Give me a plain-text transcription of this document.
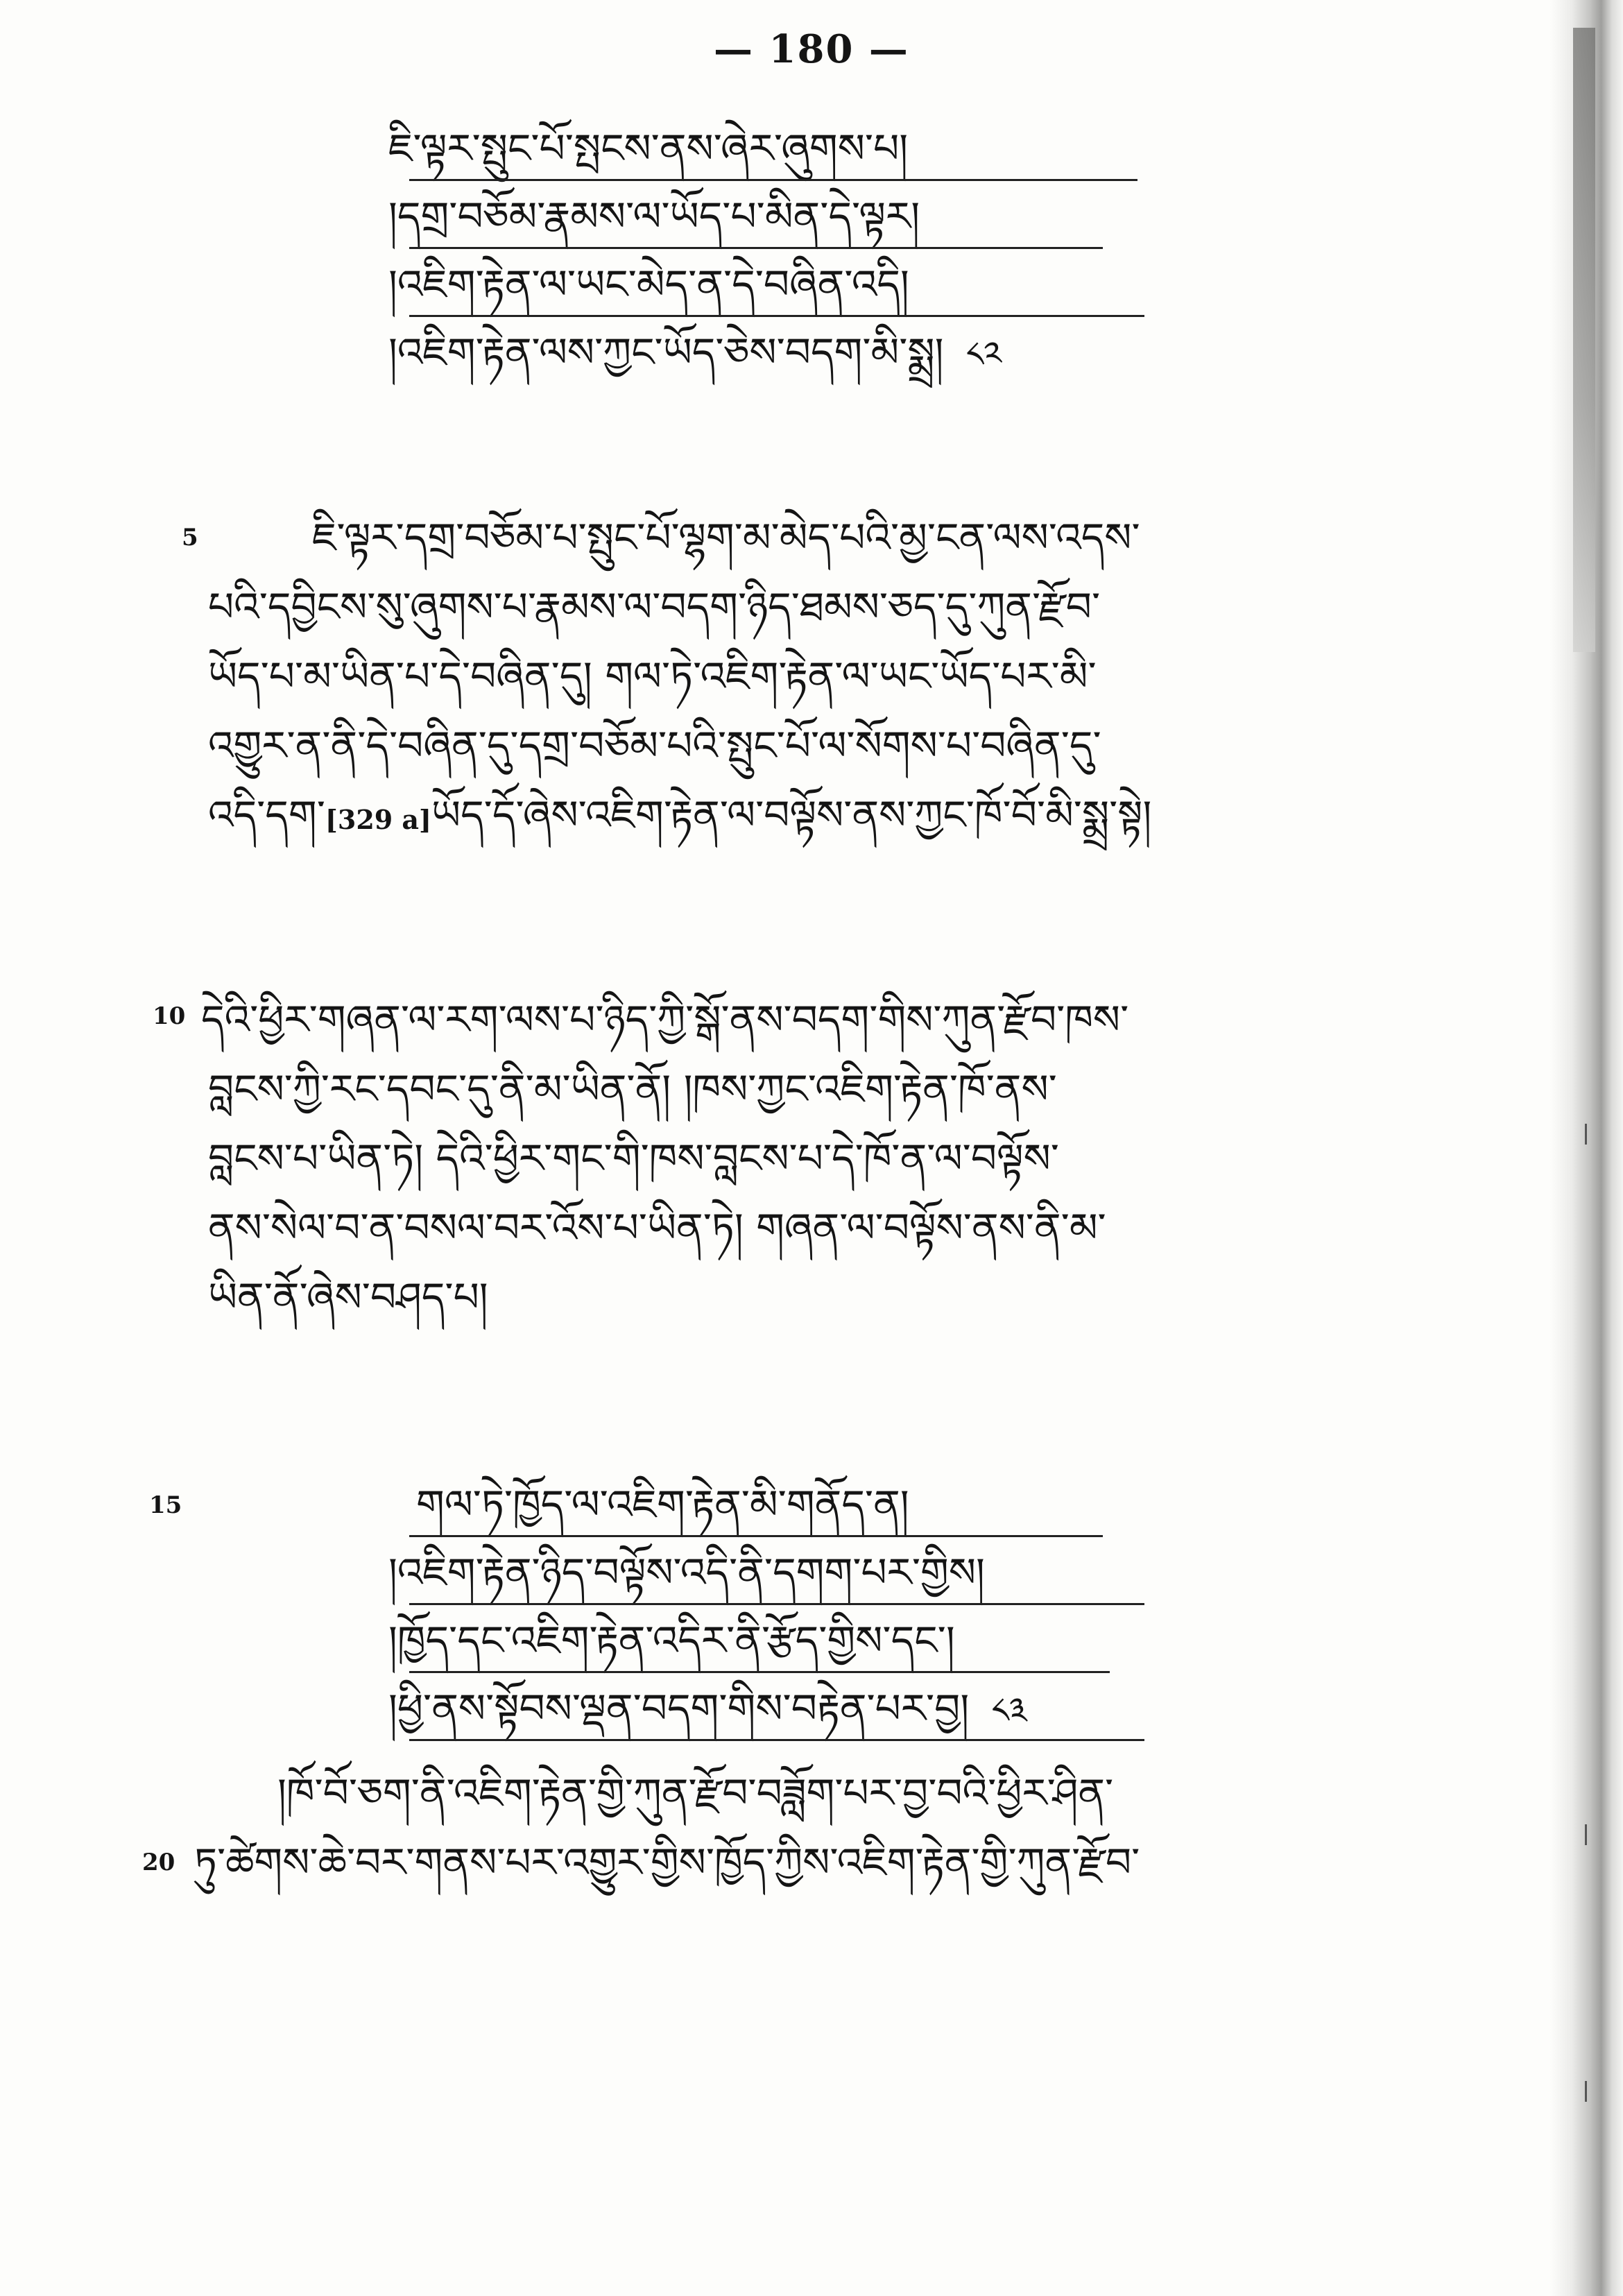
— 180 —
ཇི་ལྟར་སྤུང་པོ་སྤངས་ནས་ཞེར་ཞུགས་པ།
།དགྲ་བཅོམ་རྣམས་ལ་ཡོད་པ་མིན་དེ་ལྟར།
།འཇིག་རྟེན་ལ་ཡང་མེད་ན་དེ་བཞིན་འདི།
།འཇིག་རྟེན་ལས་ཀྱང་ཡོད་ཅེས་བདག་མི་སྨྲ། ༨༢
5	ཇི་ལྟར་དགྲ་བཅོམ་པ་སྤུང་པོ་ལྷག་མ་མེད་པའི་མྱ་ངན་ལས་འདས་
པའི་དབྱིངས་སུ་ཞུགས་པ་རྣམས་ལ་བདག་ཉིད་ཐམས་ཅད་དུ་ཀུན་རྫོབ་
ཡོད་པ་མ་ཡིན་པ་དེ་བཞིན་དུ། གལ་ཏེ་འཇིག་རྟེན་ལ་ཡང་ཡོད་པར་མི་
འགྱུར་ན་ནི་དེ་བཞིན་དུ་དགྲ་བཅོམ་པའི་སྤུང་པོ་ལ་སོགས་པ་བཞིན་དུ་
འདི་དག་[329 a]ཡོད་དོ་ཞེས་འཇིག་རྟེན་ལ་བལྟོས་ནས་ཀྱང་ཁོ་བོ་མི་སྨྲ་སྟེ།
10 དེའི་ཕྱིར་གཞན་ལ་རག་ལས་པ་ཉིད་ཀྱི་སྒོ་ནས་བདག་གིས་ཀུན་རྫོབ་ཁས་
བླངས་ཀྱི་རང་དབང་དུ་ནི་མ་ཡིན་ནོ། །ཁས་ཀྱང་འཇིག་རྟེན་ཁོ་ནས་
བླངས་པ་ཡིན་ཏེ། དེའི་ཕྱིར་གང་གི་ཁས་བླངས་པ་དེ་ཁོ་ན་ལ་བལྟོས་
ནས་སེལ་བ་ན་བསལ་བར་འོས་པ་ཡིན་ཏེ། གཞན་ལ་བལྟོས་ནས་ནི་མ་
ཡིན་ནོ་ཞེས་བཤད་པ།
15	གལ་ཏེ་ཁྱོད་ལ་འཇིག་རྟེན་མི་གནོད་ན།
།འཇིག་རྟེན་ཉིད་བལྟོས་འདི་ནི་དགག་པར་གྱིས།
།ཁྱོད་དང་འཇིག་རྟེན་འདིར་ནི་རྩོད་གྱིས་དང་།
།ཕྱི་ནས་སྟོབས་ལྡན་བདག་གིས་བརྟེན་པར་བྱ། ༨༣
20
།ཁོ་བོ་ཅག་ནི་འཇིག་རྟེན་གྱི་ཀུན་རྫོབ་བཟློག་པར་བྱ་བའི་ཕྱིར་ཤིན་
ཏུ་ཚེགས་ཆེ་བར་གནས་པར་འགྱུར་གྱིས་ཁྱོད་ཀྱིས་འཇིག་རྟེན་གྱི་ཀུན་རྫོབ་
